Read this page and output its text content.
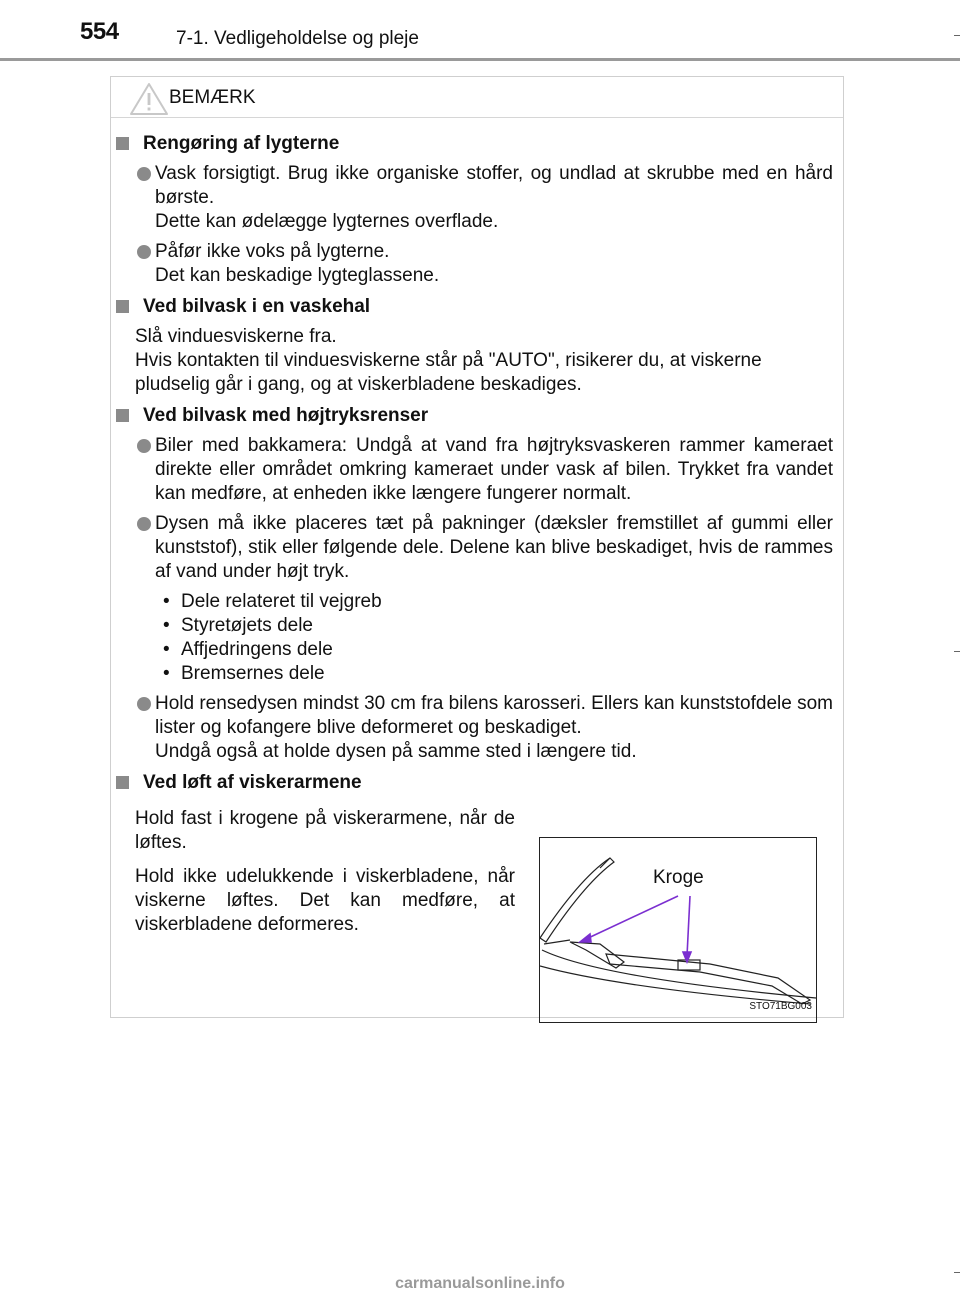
554	7-1. Vedligeholdelse og pleje
BEMÆRK
Rengøring af lygterne
Vask forsigtigt. Brug ikke organiske stoffer, og undlad at skrubbe med en hård børste.
Dette kan ødelægge lygternes overflade.
Påfør ikke voks på lygterne.
Det kan beskadige lygteglassene.
Ved bilvask i en vaskehal
Slå vinduesviskerne fra.
Hvis kontakten til vinduesviskerne står på "AUTO", risikerer du, at viskerne pludselig går i gang, og at viskerbladene beskadiges.
Ved bilvask med højtryksrenser
Biler med bakkamera: Undgå at vand fra højtryksvaskeren rammer kameraet direkte eller området omkring kameraet under vask af bilen. Trykket fra vandet kan medføre, at enheden ikke længere fungerer normalt.
Dysen må ikke placeres tæt på pakninger (dæksler fremstillet af gummi eller kunststof), stik eller følgende dele. Delene kan blive beskadiget, hvis de rammes af vand under højt tryk.
• Dele relateret til vejgreb
• Styretøjets dele
• Affjedringens dele
• Bremsernes dele
Hold rensedysen mindst 30 cm fra bilens karosseri. Ellers kan kunststofdele som lister og kofangere blive deformeret og beskadiget.
Undgå også at holde dysen på samme sted i længere tid.
Ved løft af viskerarmene

Hold fast i krogene på viskerarmene, når de løftes.

Hold ikke udelukkende i viskerbladene, når viskerne løftes. Det kan medføre, at viskerbladene deformeres.

Kroge
STO71BG003
carmanualsonline.info
